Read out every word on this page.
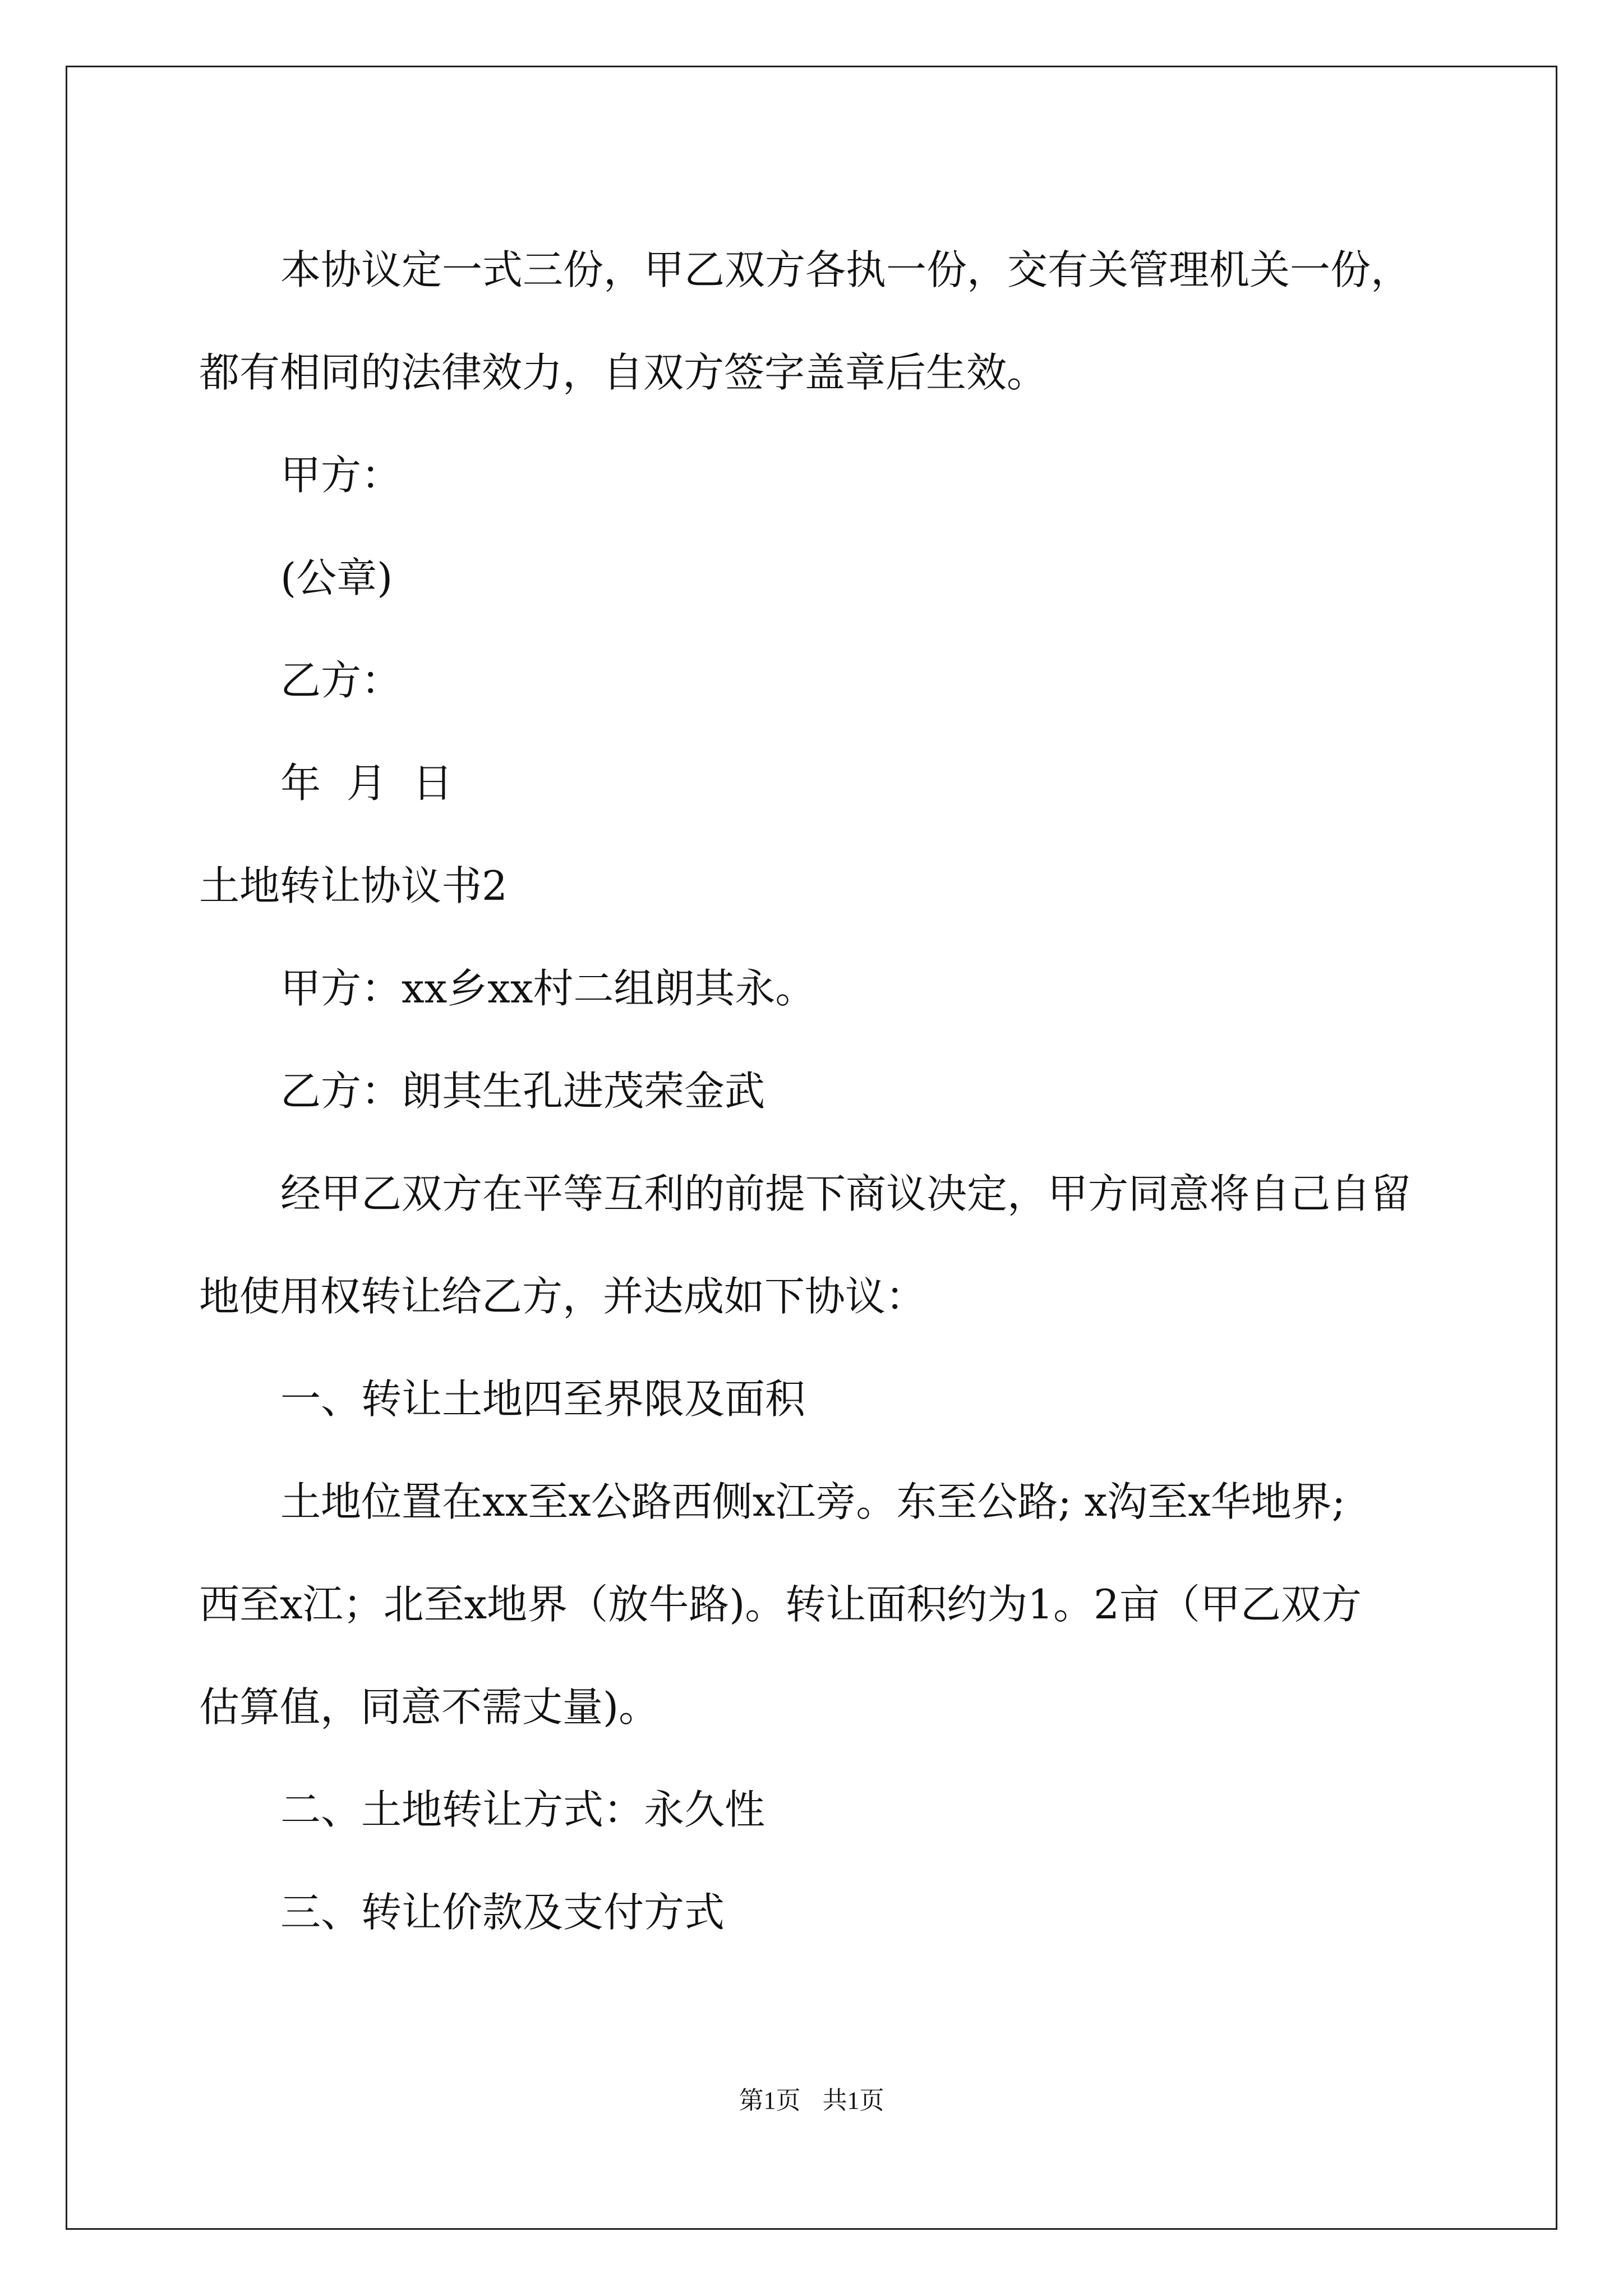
本协议定一式三份，甲乙双方各执一份，交有关管理机关一份，

都有相同的法律效力，自双方签字盖章后生效。

甲方：

(公章)

乙方：

年  月  日

土地转让协议书2

甲方：xx乡xx村二组朗其永。

乙方：朗其生孔进茂荣金武

经甲乙双方在平等互利的前提下商议决定，甲方同意将自己自留

地使用权转让给乙方，并达成如下协议：

一、转让土地四至界限及面积

土地位置在xx至x公路西侧x江旁。东至公路; x沟至x华地界;

西至x江；北至x地界（放牛路)。转让面积约为1。2亩（甲乙双方

估算值，同意不需丈量)。

二、土地转让方式：永久性

三、转让价款及支付方式

第1页 共1页
